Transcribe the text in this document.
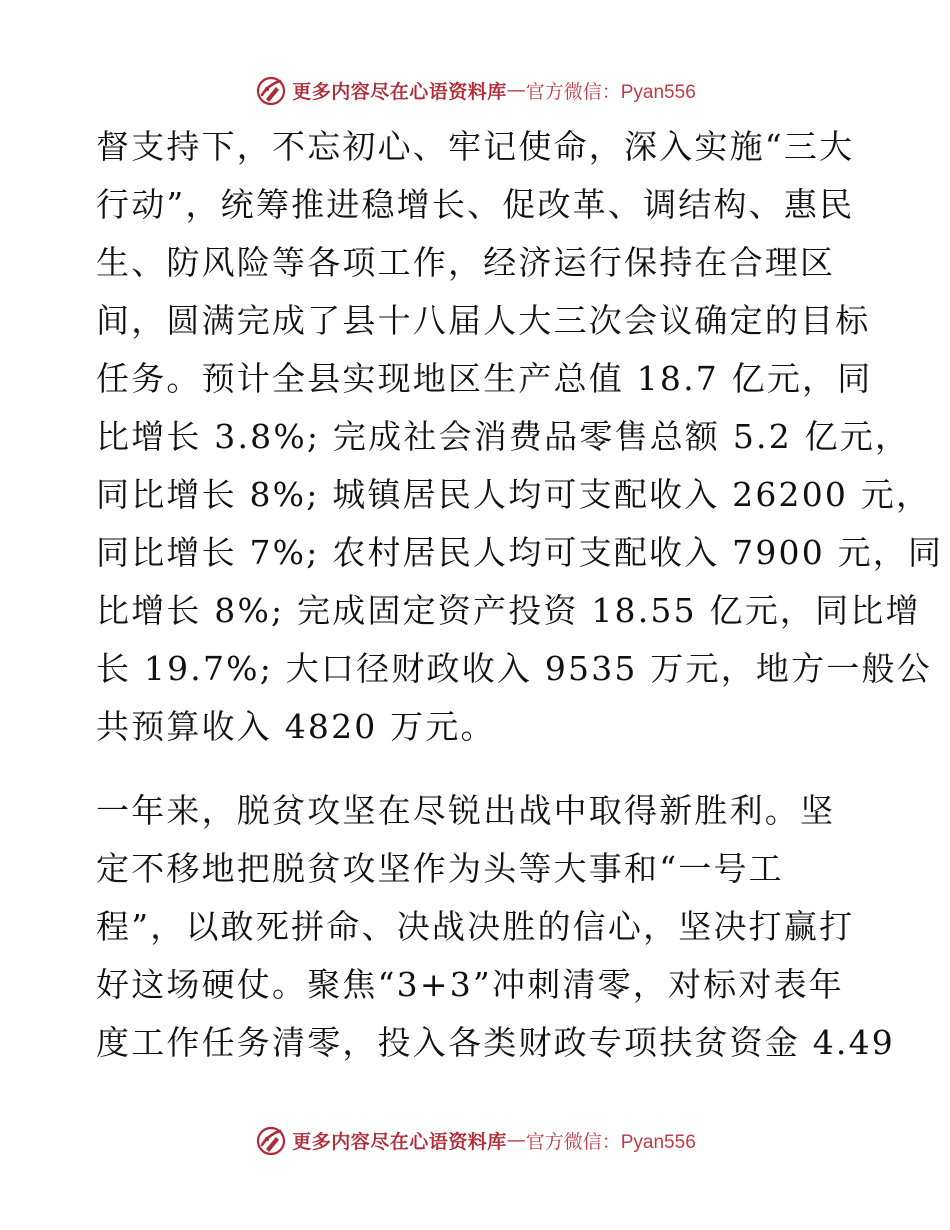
更多内容尽在心语资料库 — 官方微信：Pyan556
督支持下，不忘初心、牢记使命，深入实施“三大
行动”，统筹推进稳增长、促改革、调结构、惠民
生、防风险等各项工作，经济运行保持在合理区
间，圆满完成了县十八届人大三次会议确定的目标
任务。预计全县实现地区生产总值 18.7 亿元，同
比增长 3.8%; 完成社会消费品零售总额 5.2 亿元，
同比增长 8%; 城镇居民人均可支配收入 26200 元，
同比增长 7%; 农村居民人均可支配收入 7900 元，同
比增长 8%; 完成固定资产投资 18.55 亿元，同比增
长 19.7%; 大口径财政收入 9535 万元，地方一般公
共预算收入 4820 万元。
一年来，脱贫攻坚在尽锐出战中取得新胜利。坚
定不移地把脱贫攻坚作为头等大事和“一号工
程”，以敢死拼命、决战决胜的信心，坚决打赢打
好这场硬仗。聚焦“3+3”冲刺清零，对标对表年
度工作任务清零，投入各类财政专项扶贫资金 4.49
更多内容尽在心语资料库 — 官方微信：Pyan556
